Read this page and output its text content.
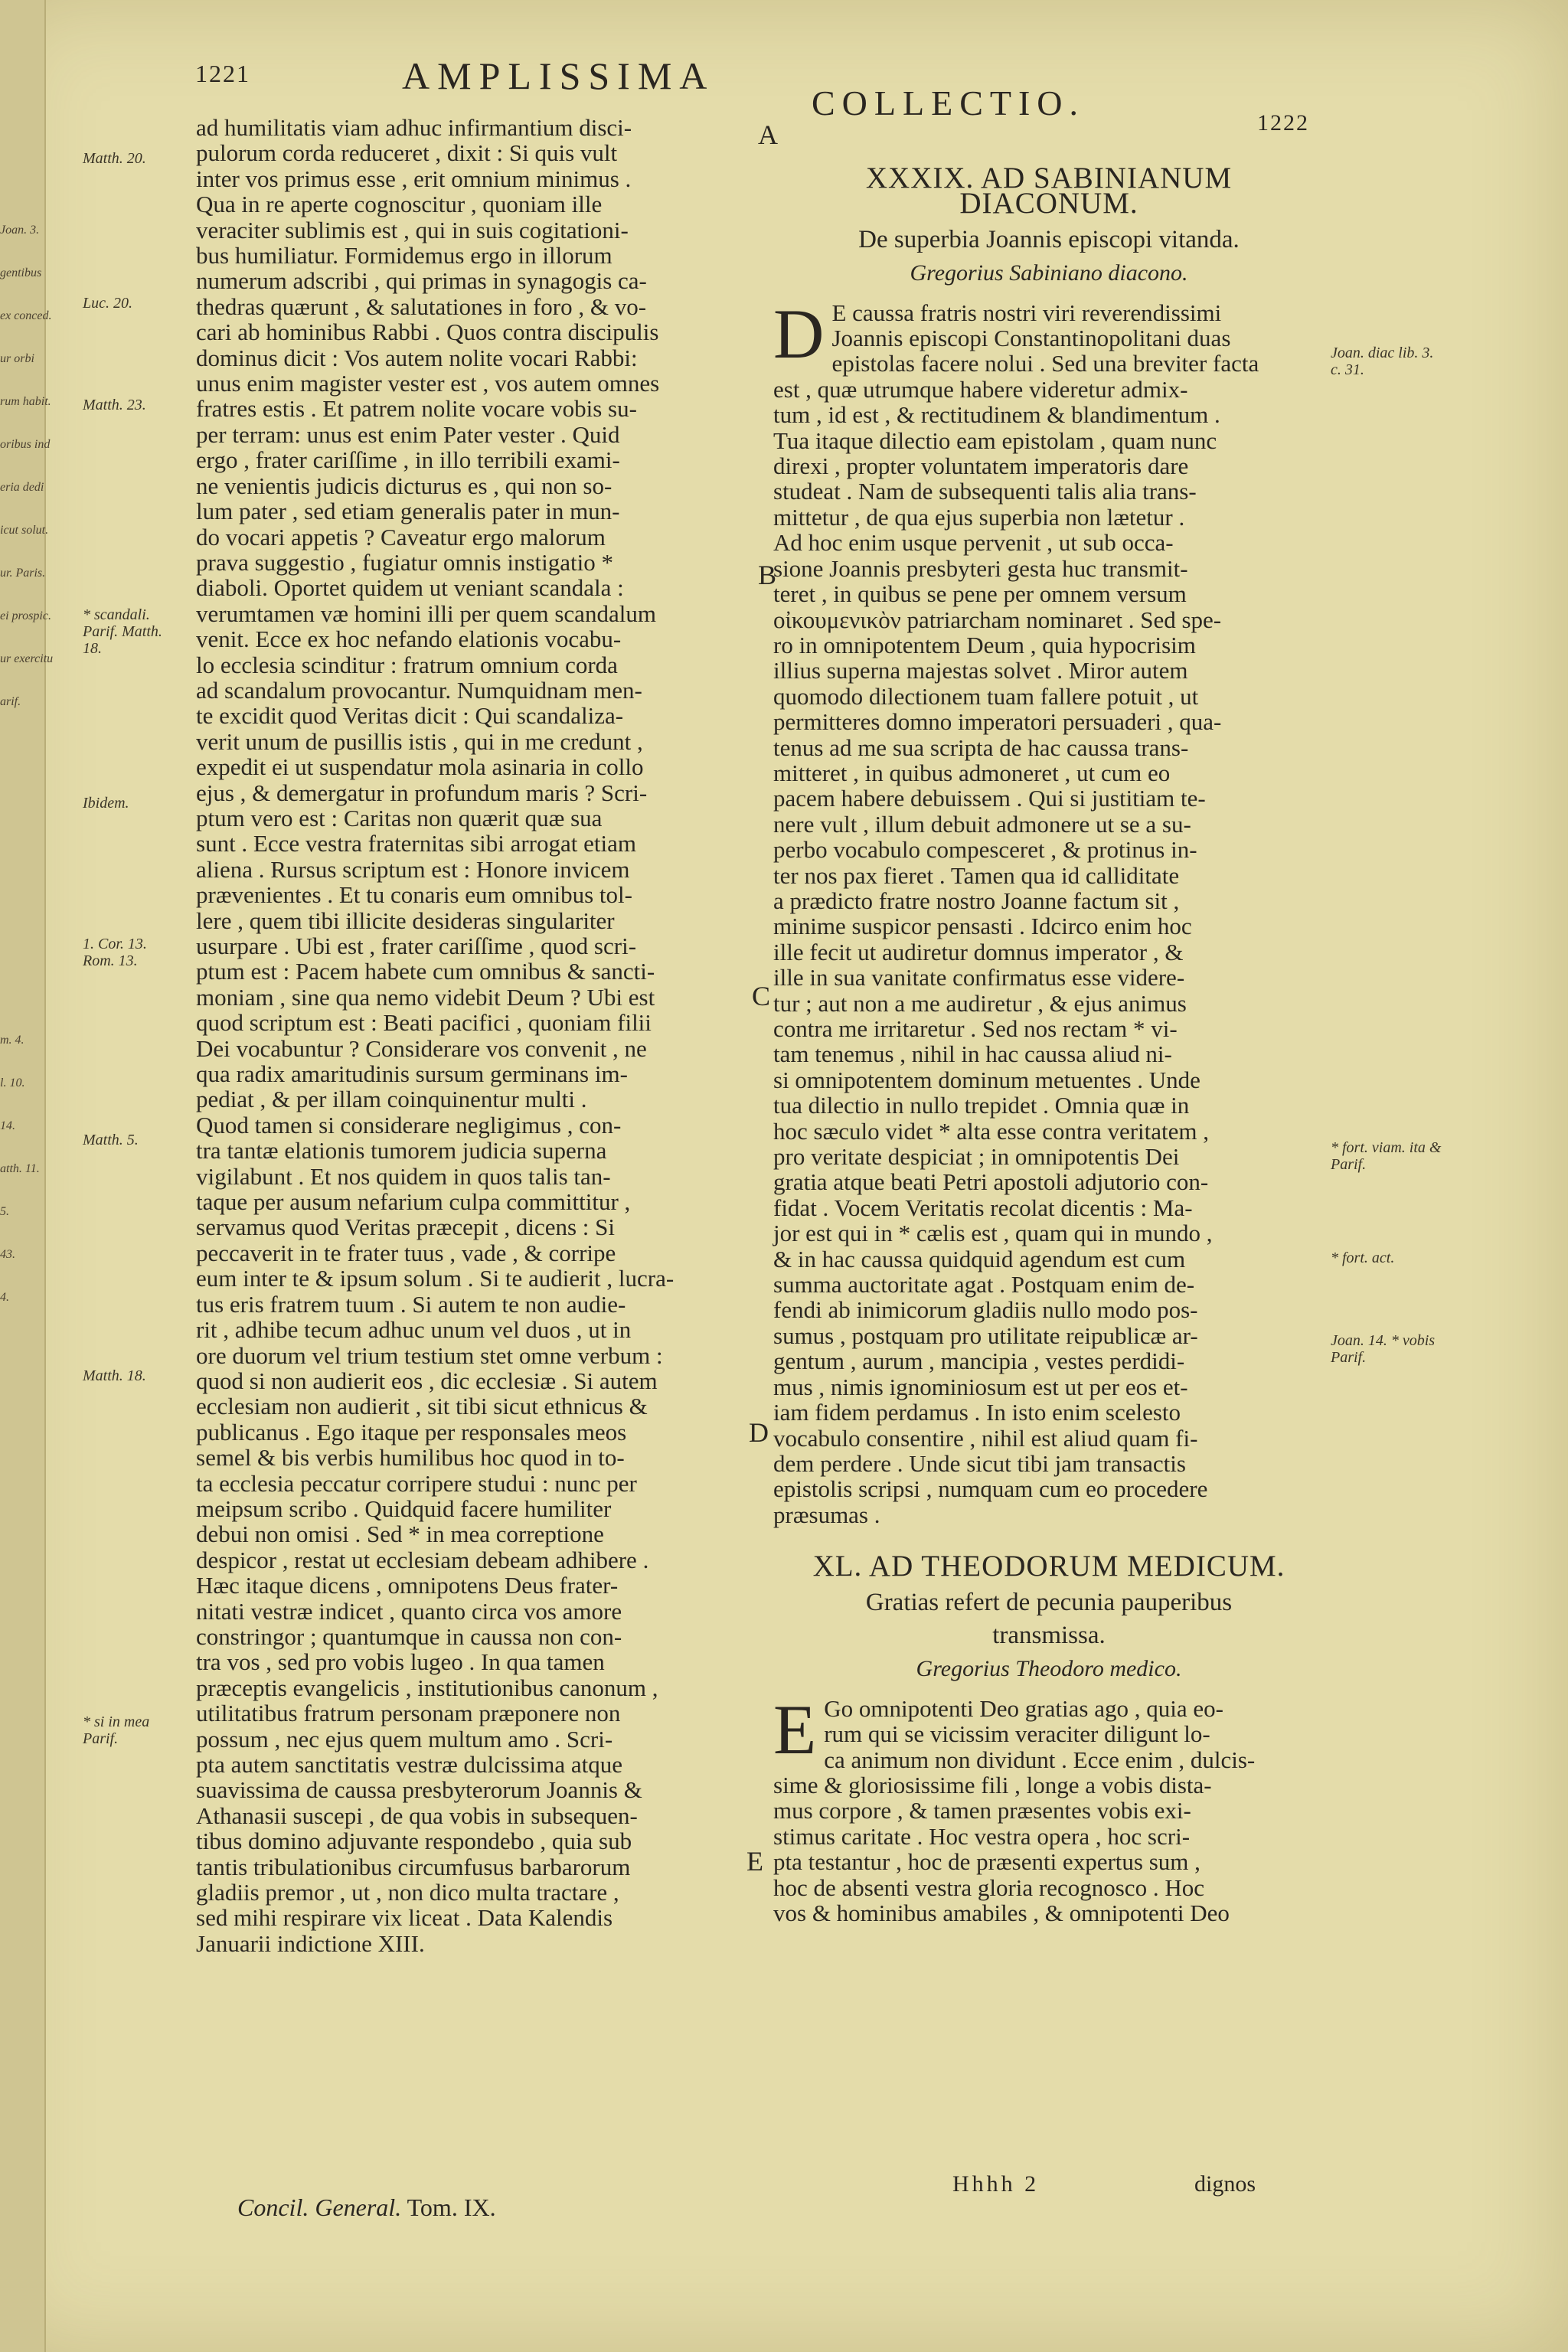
Joan. 3.
gentibus
ex conced.
ur orbi
rum habit.
oribus ind
eria dedi
icut solut.
ur. Paris.
ei prospic.
ur exercitu
arif.
m. 4.
l. 10.
14.
atth. 11.
5.
43.
4.
1221	AMPLISSIMA
COLLECTIO.
1222
Matth. 20.
Luc. 20.
Matth. 23.
* scandali. Parif. Matth. 18.
Ibidem.
1. Cor. 13. Rom. 13.
Matth. 5.
Matth. 18.
* si in mea Parif.
A
B
C
D
E
Joan. diac lib. 3. c. 31.
* fort. viam. ita & Parif.
* fort. act.
Joan. 14. * vobis Parif.
ad humilitatis viam adhuc infirmantium disci-
pulorum corda reduceret , dixit : Si quis vult
inter vos primus esse , erit omnium minimus .
Qua in re aperte cognoscitur , quoniam ille
veraciter sublimis est , qui in suis cogitationi-
bus humiliatur. Formidemus ergo in illorum
numerum adscribi , qui primas in synagogis ca-
thedras quærunt , & salutationes in foro , & vo-
cari ab hominibus Rabbi . Quos contra discipulis
dominus dicit : Vos autem nolite vocari Rabbi:
unus enim magister vester est , vos autem omnes
fratres estis . Et patrem nolite vocare vobis su-
per terram: unus est enim Pater vester . Quid
ergo , frater cariſſime , in illo terribili exami-
ne venientis judicis dicturus es , qui non so-
lum pater , sed etiam generalis pater in mun-
do vocari appetis ? Caveatur ergo malorum
prava suggestio , fugiatur omnis instigatio *
diaboli. Oportet quidem ut veniant scandala :
verumtamen væ homini illi per quem scandalum
venit. Ecce ex hoc nefando elationis vocabu-
lo ecclesia scinditur : fratrum omnium corda
ad scandalum provocantur. Numquidnam men-
te excidit quod Veritas dicit : Qui scandaliza-
verit unum de pusillis istis , qui in me credunt ,
expedit ei ut suspendatur mola asinaria in collo
ejus , & demergatur in profundum maris ? Scri-
ptum vero est : Caritas non quærit quæ sua
sunt . Ecce vestra fraternitas sibi arrogat etiam
aliena . Rursus scriptum est : Honore invicem
prævenientes . Et tu conaris eum omnibus tol-
lere , quem tibi illicite desideras singulariter
usurpare . Ubi est , frater cariſſime , quod scri-
ptum est : Pacem habete cum omnibus & sancti-
moniam , sine qua nemo videbit Deum ? Ubi est
quod scriptum est : Beati pacifici , quoniam filii
Dei vocabuntur ? Considerare vos convenit , ne
qua radix amaritudinis sursum germinans im-
pediat , & per illam coinquinentur multi .
Quod tamen si considerare negligimus , con-
tra tantæ elationis tumorem judicia superna
vigilabunt . Et nos quidem in quos talis tan-
taque per ausum nefarium culpa committitur ,
servamus quod Veritas præcepit , dicens : Si
peccaverit in te frater tuus , vade , & corripe
eum inter te & ipsum solum . Si te audierit , lucra-
tus eris fratrem tuum . Si autem te non audie-
rit , adhibe tecum adhuc unum vel duos , ut in
ore duorum vel trium testium stet omne verbum :
quod si non audierit eos , dic ecclesiæ . Si autem
ecclesiam non audierit , sit tibi sicut ethnicus &
publicanus . Ego itaque per responsales meos
semel & bis verbis humilibus hoc quod in to-
ta ecclesia peccatur corripere studui : nunc per
meipsum scribo . Quidquid facere humiliter
debui non omisi . Sed * in mea correptione
despicor , restat ut ecclesiam debeam adhibere .
Hæc itaque dicens , omnipotens Deus frater-
nitati vestræ indicet , quanto circa vos amore
constringor ; quantumque in caussa non con-
tra vos , sed pro vobis lugeo . In qua tamen
præceptis evangelicis , institutionibus canonum ,
utilitatibus fratrum personam præponere non
possum , nec ejus quem multum amo . Scri-
pta autem sanctitatis vestræ dulcissima atque
suavissima de caussa presbyterorum Joannis &
Athanasii suscepi , de qua vobis in subsequen-
tibus domino adjuvante respondebo , quia sub
tantis tribulationibus circumfusus barbarorum
gladiis premor , ut , non dico multa tractare ,
sed mihi respirare vix liceat . Data Kalendis
Januarii indictione XIII.
XXXIX. AD SABINIANUM DIACONUM.
De superbia Joannis episcopi vitanda.
Gregorius Sabiniano diacono.
D E caussa fratris nostri viri reverendissimi
Joannis episcopi Constantinopolitani duas
epistolas facere nolui . Sed una breviter facta
est , quæ utrumque habere videretur admix-
tum , id est , & rectitudinem & blandimentum .
Tua itaque dilectio eam epistolam , quam nunc
direxi , propter voluntatem imperatoris dare
studeat . Nam de subsequenti talis alia trans-
mittetur , de qua ejus superbia non lætetur .
Ad hoc enim usque pervenit , ut sub occa-
sione Joannis presbyteri gesta huc transmit-
teret , in quibus se pene per omnem versum
οἰκουμενικὸν patriarcham nominaret . Sed spe-
ro in omnipotentem Deum , quia hypocrisim
illius superna majestas solvet . Miror autem
quomodo dilectionem tuam fallere potuit , ut
permitteres domno imperatori persuaderi , qua-
tenus ad me sua scripta de hac caussa trans-
mitteret , in quibus admoneret , ut cum eo
pacem habere debuissem . Qui si justitiam te-
nere vult , illum debuit admonere ut se a su-
perbo vocabulo compesceret , & protinus in-
ter nos pax fieret . Tamen qua id calliditate
a prædicto fratre nostro Joanne factum sit ,
minime suspicor pensasti . Idcirco enim hoc
ille fecit ut audiretur domnus imperator , &
ille in sua vanitate confirmatus esse videre-
tur ; aut non a me audiretur , & ejus animus
contra me irritaretur . Sed nos rectam * vi-
tam tenemus , nihil in hac caussa aliud ni-
si omnipotentem dominum metuentes . Unde
tua dilectio in nullo trepidet . Omnia quæ in
hoc sæculo videt * alta esse contra veritatem ,
pro veritate despiciat ; in omnipotentis Dei
gratia atque beati Petri apostoli adjutorio con-
fidat . Vocem Veritatis recolat dicentis : Ma-
jor est qui in * cælis est , quam qui in mundo ,
& in hac caussa quidquid agendum est cum
summa auctoritate agat . Postquam enim de-
fendi ab inimicorum gladiis nullo modo pos-
sumus , postquam pro utilitate reipublicæ ar-
gentum , aurum , mancipia , vestes perdidi-
mus , nimis ignominiosum est ut per eos et-
iam fidem perdamus . In isto enim scelesto
vocabulo consentire , nihil est aliud quam fi-
dem perdere . Unde sicut tibi jam transactis
epistolis scripsi , numquam cum eo procedere
præsumas .
XL. AD THEODORUM MEDICUM.
Gratias refert de pecunia pauperibus
transmissa.
Gregorius Theodoro medico.
E Go omnipotenti Deo gratias ago , quia eo-
rum qui se vicissim veraciter diligunt lo-
ca animum non dividunt . Ecce enim , dulcis-
sime & gloriosissime fili , longe a vobis dista-
mus corpore , & tamen præsentes vobis exi-
stimus caritate . Hoc vestra opera , hoc scri-
pta testantur , hoc de præsenti expertus sum ,
hoc de absenti vestra gloria recognosco . Hoc
vos & hominibus amabiles , & omnipotenti Deo
Concil. General. Tom. IX.
Hhhh 2	dignos
